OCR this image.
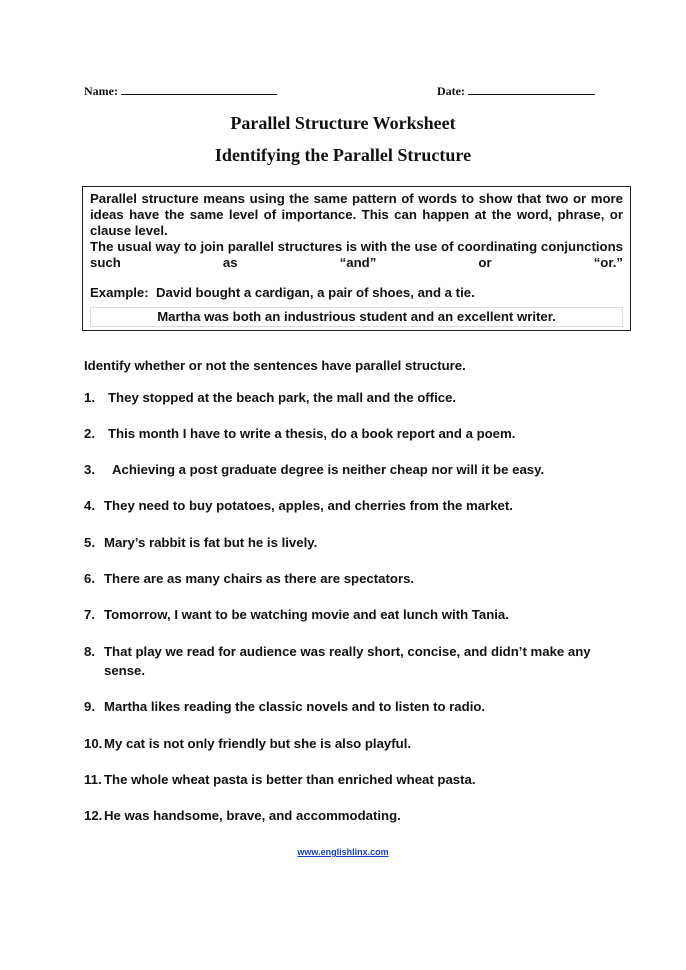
Name:	Date:
Parallel Structure Worksheet
Identifying the Parallel Structure

Parallel structure means using the same pattern of words to show that two or more ideas have the same level of importance. This can happen at the word, phrase, or clause level.

The usual way to join parallel structures is with the use of coordinating conjunctions such as “and” or “or.”

Example: David bought a cardigan, a pair of shoes, and a tie.

Martha was both an industrious student and an excellent writer.
Identify whether or not the sentences have parallel structure.
1. They stopped at the beach park, the mall and the office.
2. This month I have to write a thesis, do a book report and a poem.
3.	Achieving a post graduate degree is neither cheap nor will it be easy.
4. They need to buy potatoes, apples, and cherries from the market.
5. Mary’s rabbit is fat but he is lively.
6. There are as many chairs as there are spectators.
7. Tomorrow, I want to be watching movie and eat lunch with Tania.
8. That play we read for audience was really short, concise, and didn’t make any sense.
9. Martha likes reading the classic novels and to listen to radio.
10. My cat is not only friendly but she is also playful.
11. The whole wheat pasta is better than enriched wheat pasta.
12. He was handsome, brave, and accommodating.
www.englishlinx.com
